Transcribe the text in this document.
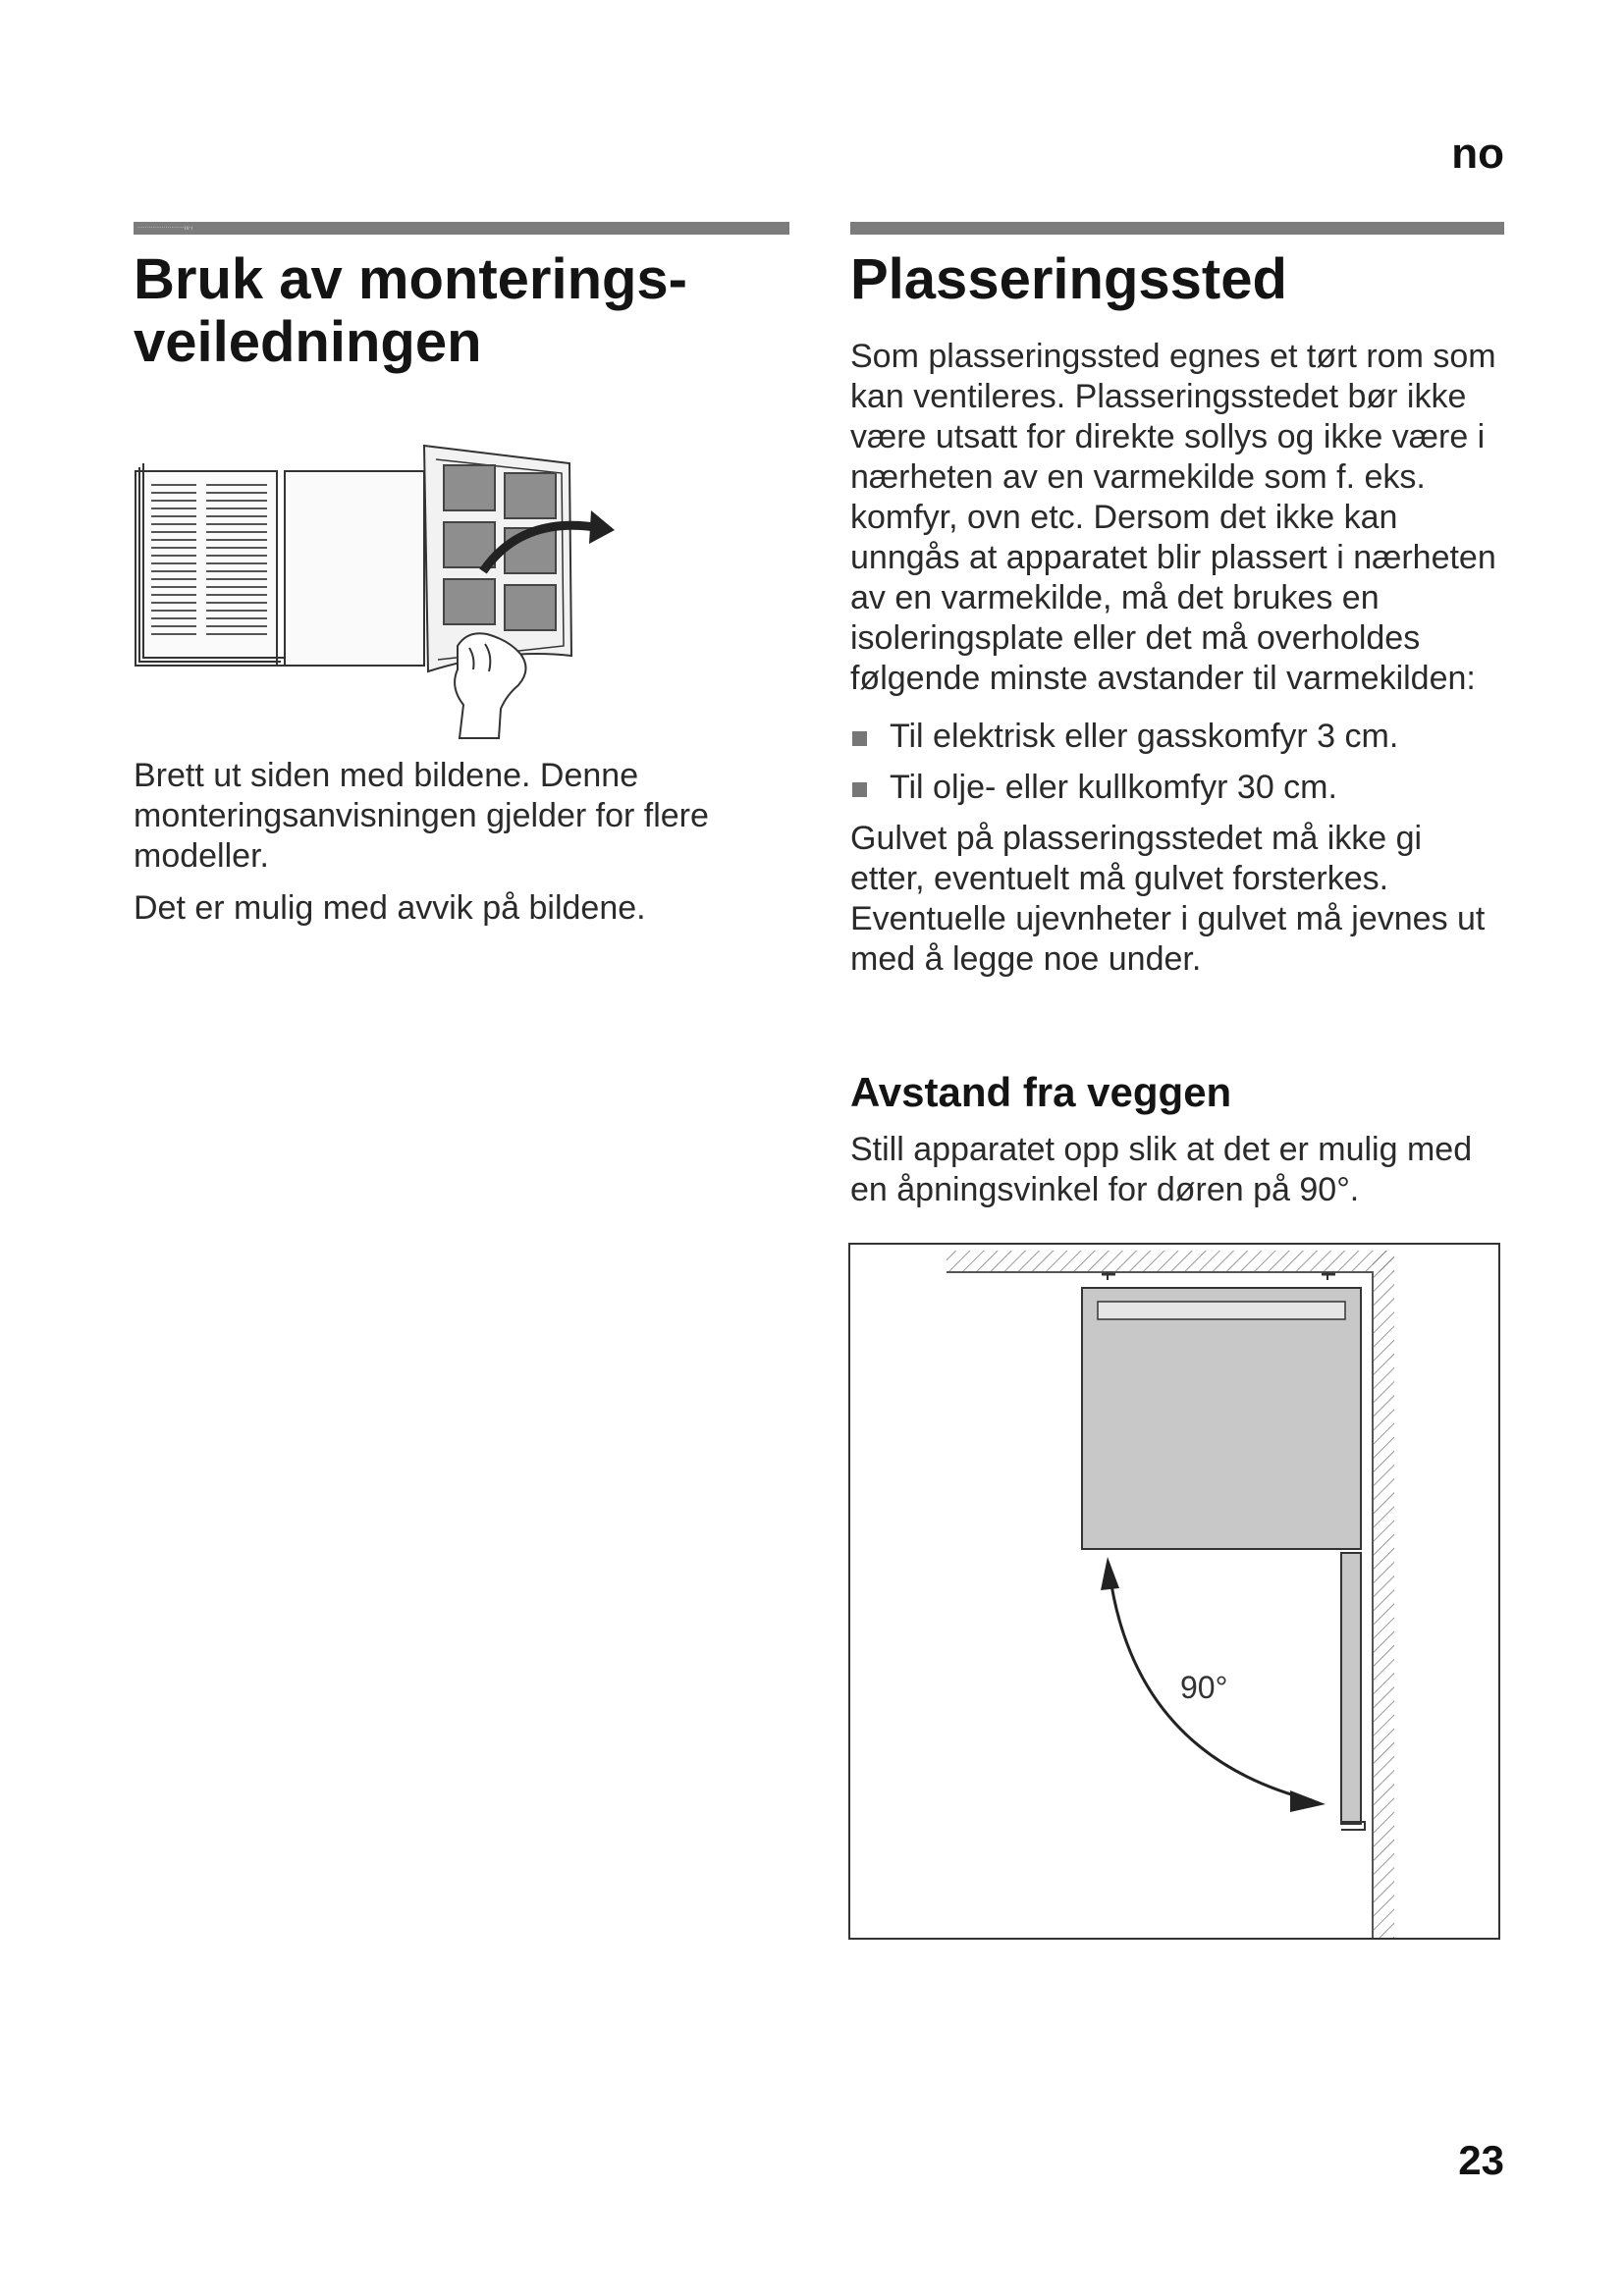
no
·························ııı·ı
Bruk av monterings-
veiledningen

Brett ut siden med bildene. Denne monteringsanvisningen gjelder for flere modeller.

Det er mulig med avvik på bildene.

Plasseringssted

Som plasseringssted egnes et tørt rom som kan ventileres. Plasseringsstedet bør ikke være utsatt for direkte sollys og ikke være i nærheten av en varmekilde som f. eks. komfyr, ovn etc. Dersom det ikke kan unngås at apparatet blir plassert i nærheten av en varmekilde, må det brukes en isoleringsplate eller det må overholdes følgende minste avstander til varmekilden:

Til elektrisk eller gasskomfyr 3 cm.
Til olje- eller kullkomfyr 30 cm.

Gulvet på plasseringsstedet må ikke gi etter, eventuelt må gulvet forsterkes. Eventuelle ujevnheter i gulvet må jevnes ut med å legge noe under.

Avstand fra veggen
Still apparatet opp slik at det er mulig med en åpningsvinkel for døren på 90°.
90°
23
